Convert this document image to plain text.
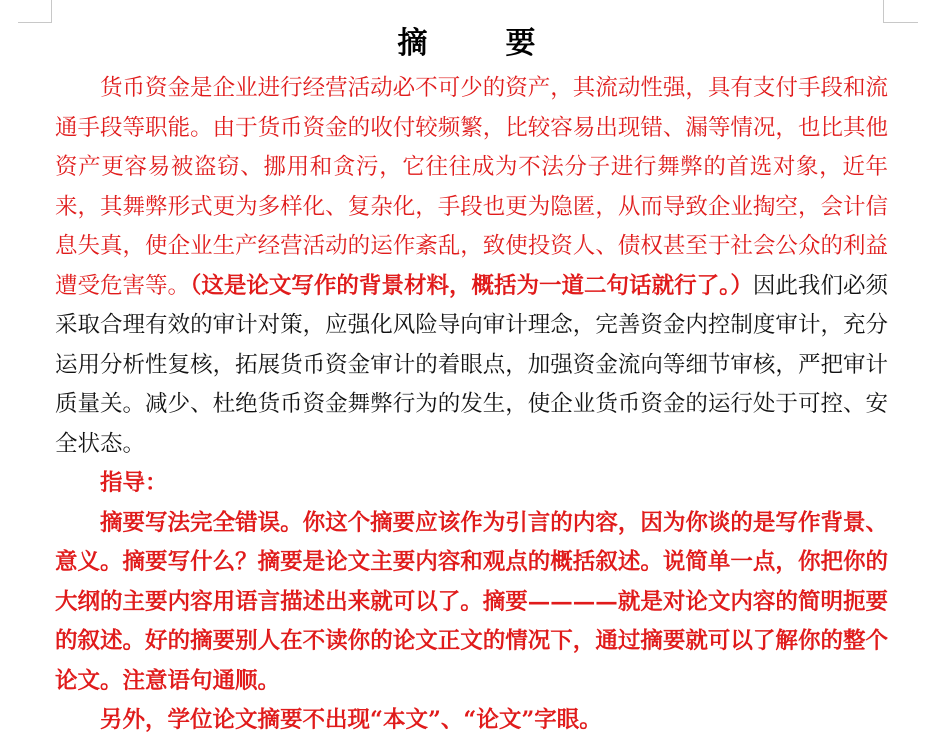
摘　要

货币资金是企业进行经营活动必不可少的资产，其流动性强，具有支付手段和流通手段等职能。由于货币资金的收付较频繁，比较容易出现错、漏等情况，也比其他资产更容易被盗窃、挪用和贪污，它往往成为不法分子进行舞弊的首选对象，近年来，其舞弊形式更为多样化、复杂化，手段也更为隐匿，从而导致企业掏空，会计信息失真，使企业生产经营活动的运作紊乱，致使投资人、债权甚至于社会公众的利益遭受危害等。（这是论文写作的背景材料，概括为一道二句话就行了。）因此我们必须采取合理有效的审计对策，应强化风险导向审计理念，完善资金内控制度审计，充分运用分析性复核，拓展货币资金审计的着眼点，加强资金流向等细节审核，严把审计质量关。减少、杜绝货币资金舞弊行为的发生，使企业货币资金的运行处于可控、安全状态。

指导：

摘要写法完全错误。你这个摘要应该作为引言的内容，因为你谈的是写作背景、意义。摘要写什么？摘要是论文主要内容和观点的概括叙述。说简单一点，你把你的大纲的主要内容用语言描述出来就可以了。摘要————就是对论文内容的简明扼要的叙述。好的摘要别人在不读你的论文正文的情况下，通过摘要就可以了解你的整个论文。注意语句通顺。

另外，学位论文摘要不出现“本文”、“论文”字眼。
